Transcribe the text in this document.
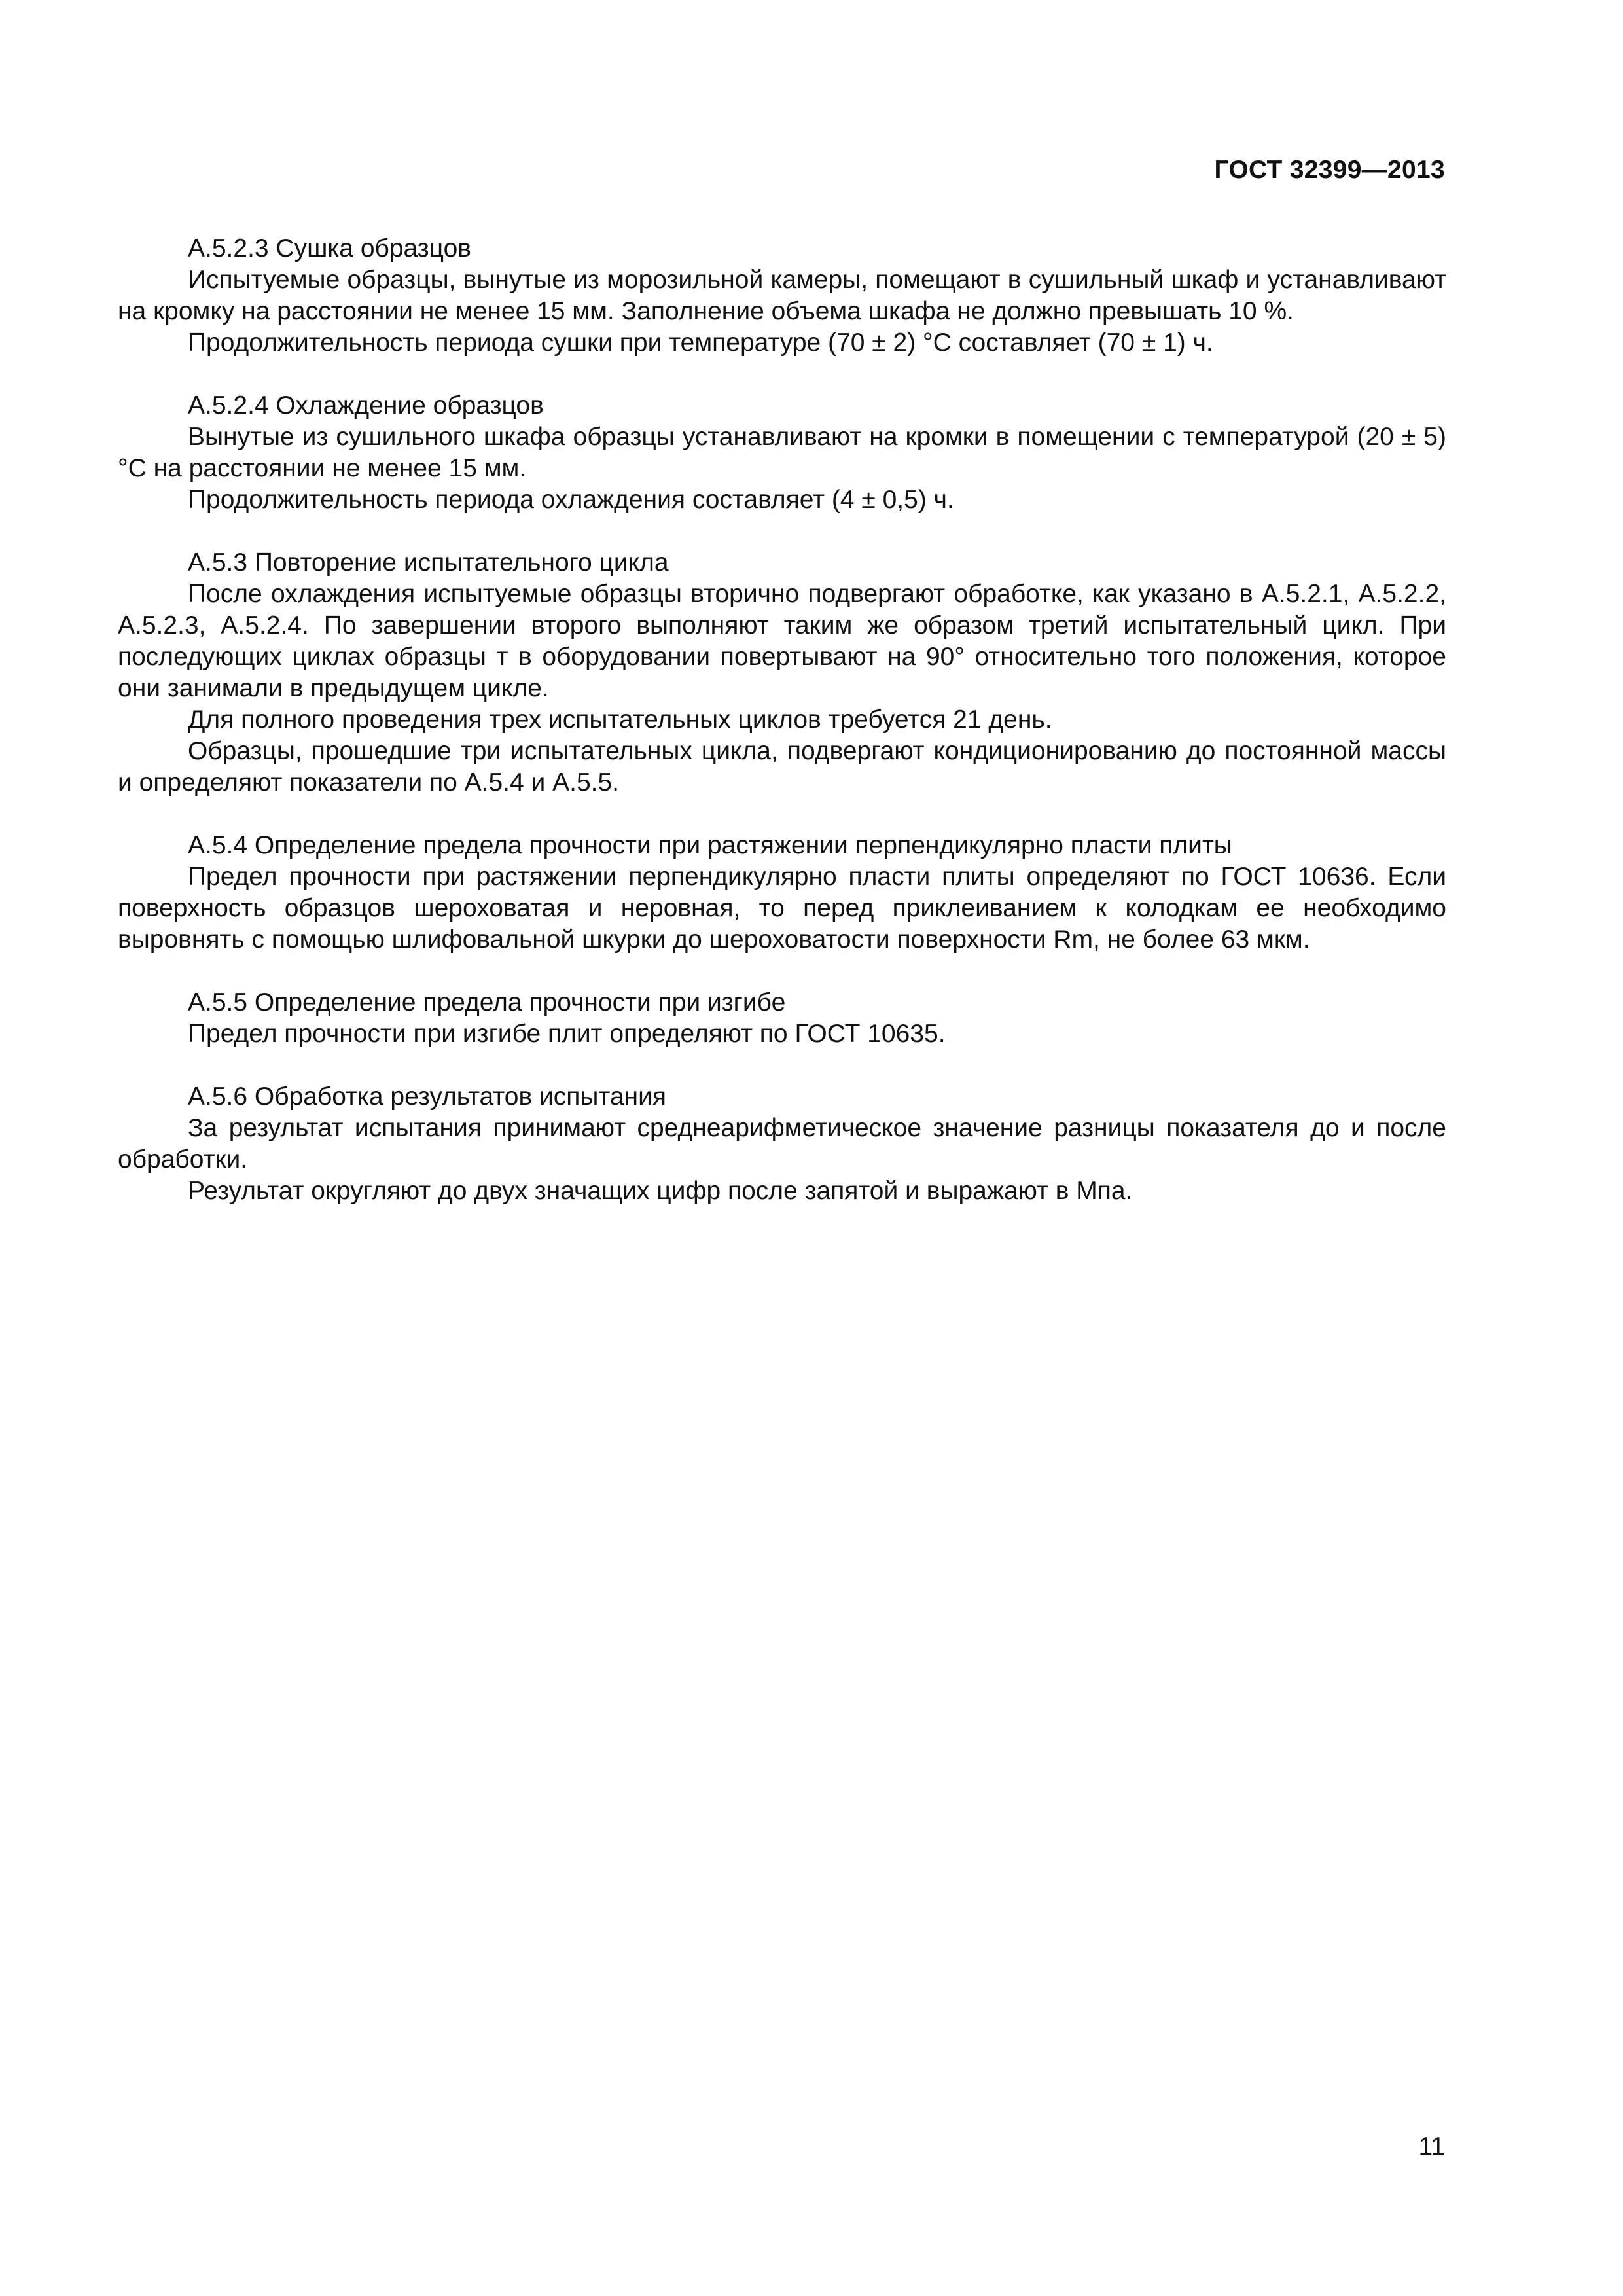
ГОСТ 32399—2013

А.5.2.3 Сушка образцов

Испытуемые образцы, вынутые из морозильной камеры, помещают в сушильный шкаф и устанавливают на кромку на расстоянии не менее 15 мм. Заполнение объема шкафа не должно превышать 10 %.

Продолжительность периода сушки при температуре (70 ± 2) °С составляет (70 ± 1) ч.

А.5.2.4 Охлаждение образцов

Вынутые из сушильного шкафа образцы устанавливают на кромки в помещении с температурой (20 ± 5) °С на расстоянии не менее 15 мм.

Продолжительность периода охлаждения составляет (4 ± 0,5) ч.

А.5.3 Повторение испытательного цикла

После охлаждения испытуемые образцы вторично подвергают обработке, как указано в А.5.2.1, А.5.2.2, А.5.2.3, А.5.2.4. По завершении второго выполняют таким же образом третий испытательный цикл. При последующих циклах образцы т в оборудовании повертывают на 90° относительно того положения, которое они занимали в предыдущем цикле.

Для полного проведения трех испытательных циклов требуется 21 день.

Образцы, прошедшие три испытательных цикла, подвергают кондиционированию до постоянной массы и определяют показатели по А.5.4 и А.5.5.

А.5.4 Определение предела прочности при растяжении перпендикулярно пласти плиты

Предел прочности при растяжении перпендикулярно пласти плиты определяют по ГОСТ 10636. Если поверхность образцов шероховатая и неровная, то перед приклеиванием к колодкам ее необходимо выровнять с помощью шлифовальной шкурки до шероховатости поверхности Rm, не более 63 мкм.

А.5.5 Определение предела прочности при изгибе

Предел прочности при изгибе плит определяют по ГОСТ 10635.

А.5.6 Обработка результатов испытания

За результат испытания принимают среднеарифметическое значение разницы показателя до и после обработки.

Результат округляют до двух значащих цифр после запятой и выражают в Мпа.

11
